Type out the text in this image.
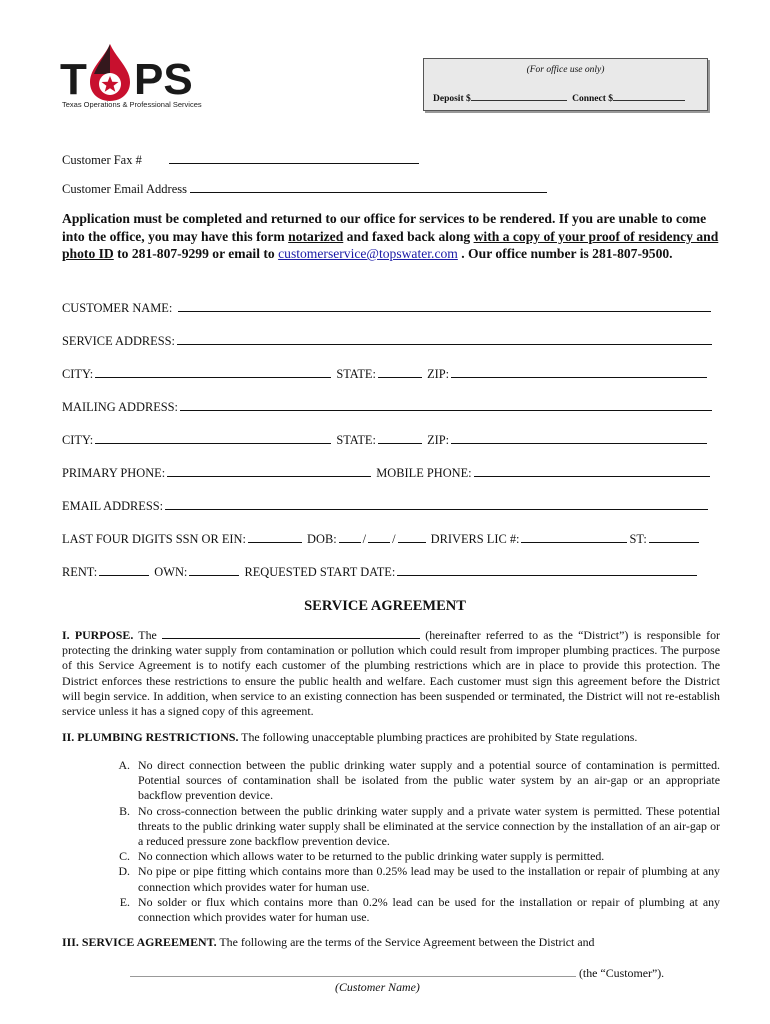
T PS
Texas Operations & Professional Services
(For office use only)
Deposit $	Connect $
Customer Fax #
Customer Email Address
Application must be completed and returned to our office for services to be rendered. If you are unable to come into the office, you may have this form notarized and faxed back along with a copy of your proof of residency and photo ID to 281-807-9299 or email to customerservice@topswater.com . Our office number is 281-807-9500.
CUSTOMER NAME:
SERVICE ADDRESS:
CITY:	STATE:	ZIP:
MAILING ADDRESS:
CITY:	STATE:	ZIP:
PRIMARY PHONE:	MOBILE PHONE:
EMAIL ADDRESS:
LAST FOUR DIGITS SSN OR EIN:	DOB: / /	DRIVERS LIC #:	ST:
RENT:	OWN:	REQUESTED START DATE:
SERVICE AGREEMENT
I. PURPOSE. The	(hereinafter referred to as the “District”) is responsible for protecting the drinking water supply from contamination or pollution which could result from improper plumbing practices. The purpose of this Service Agreement is to notify each customer of the plumbing restrictions which are in place to provide this protection. The District enforces these restrictions to ensure the public health and welfare. Each customer must sign this agreement before the District will begin service. In addition, when service to an existing connection has been suspended or terminated, the District will not re-establish service unless it has a signed copy of this agreement.
II. PLUMBING RESTRICTIONS. The following unacceptable plumbing practices are prohibited by State regulations.
A. No direct connection between the public drinking water supply and a potential source of contamination is permitted. Potential sources of contamination shall be isolated from the public water system by an air-gap or an appropriate backflow prevention device.
B. No cross-connection between the public drinking water supply and a private water system is permitted. These potential threats to the public drinking water supply shall be eliminated at the service connection by the installation of an air-gap or a reduced pressure zone backflow prevention device.
C. No connection which allows water to be returned to the public drinking water supply is permitted.
D. No pipe or pipe fitting which contains more than 0.25% lead may be used to the installation or repair of plumbing at any connection which provides water for human use.
E. No solder or flux which contains more than 0.2% lead can be used for the installation or repair of plumbing at any connection which provides water for human use.
III. SERVICE AGREEMENT. The following are the terms of the Service Agreement between the District and
(the “Customer”).
(Customer Name)
